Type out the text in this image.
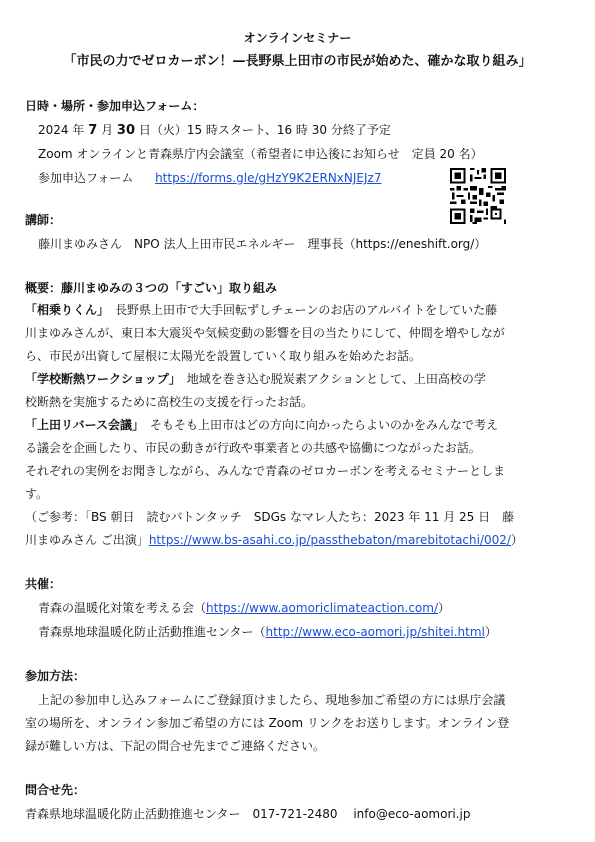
オンラインセミナー
「市民の力でゼロカーボン！—長野県上田市の市民が始めた、確かな取り組み」
日時・場所・参加申込フォーム：
2024 年 7 月 30 日（火）15 時スタート、16 時 30 分終了予定
Zoom オンラインと青森県庁内会議室（希望者に申込後にお知らせ　定員 20 名）
参加申込フォーム https://forms.gle/gHzY9K2ERNxNJEJz7
講師：
藤川まゆみさん　NPO 法人上田市民エネルギー　理事長（https://eneshift.org/）
概要：藤川まゆみの３つの「すごい」取り組み
「相乗りくん」　長野県上田市で大手回転ずしチェーンのお店のアルバイトをしていた藤
川まゆみさんが、東日本大震災や気候変動の影響を目の当たりにして、仲間を増やしなが
ら、市民が出資して屋根に太陽光を設置していく取り組みを始めたお話。
「学校断熱ワークショップ」　地域を巻き込む脱炭素アクションとして、上田高校の学
校断熱を実施するために高校生の支援を行ったお話。
「上田リバース会議」　そもそも上田市はどの方向に向かったらよいのかをみんなで考え
る議会を企画したり、市民の動きが行政や事業者との共感や協働につながったお話。
それぞれの実例をお聞きしながら、みんなで青森のゼロカーボンを考えるセミナーとしま
す。
（ご参考：「BS 朝日　読むバトンタッチ　SDGs なマレ人たち：2023 年 11 月 25 日　藤
川まゆみさん ご出演」https://www.bs-asahi.co.jp/passthebaton/marebitotachi/002/）
共催：
青森の温暖化対策を考える会（https://www.aomoriclimateaction.com/）
青森県地球温暖化防止活動推進センター（http://www.eco-aomori.jp/shitei.html）
参加方法：
上記の参加申し込みフォームにご登録頂けましたら、現地参加ご希望の方には県庁会議
室の場所を、オンライン参加ご希望の方には Zoom リンクをお送りします。オンライン登
録が難しい方は、下記の問合せ先までご連絡ください。
問合せ先：
青森県地球温暖化防止活動推進センター　017-721-2480　 info@eco-aomori.jp
